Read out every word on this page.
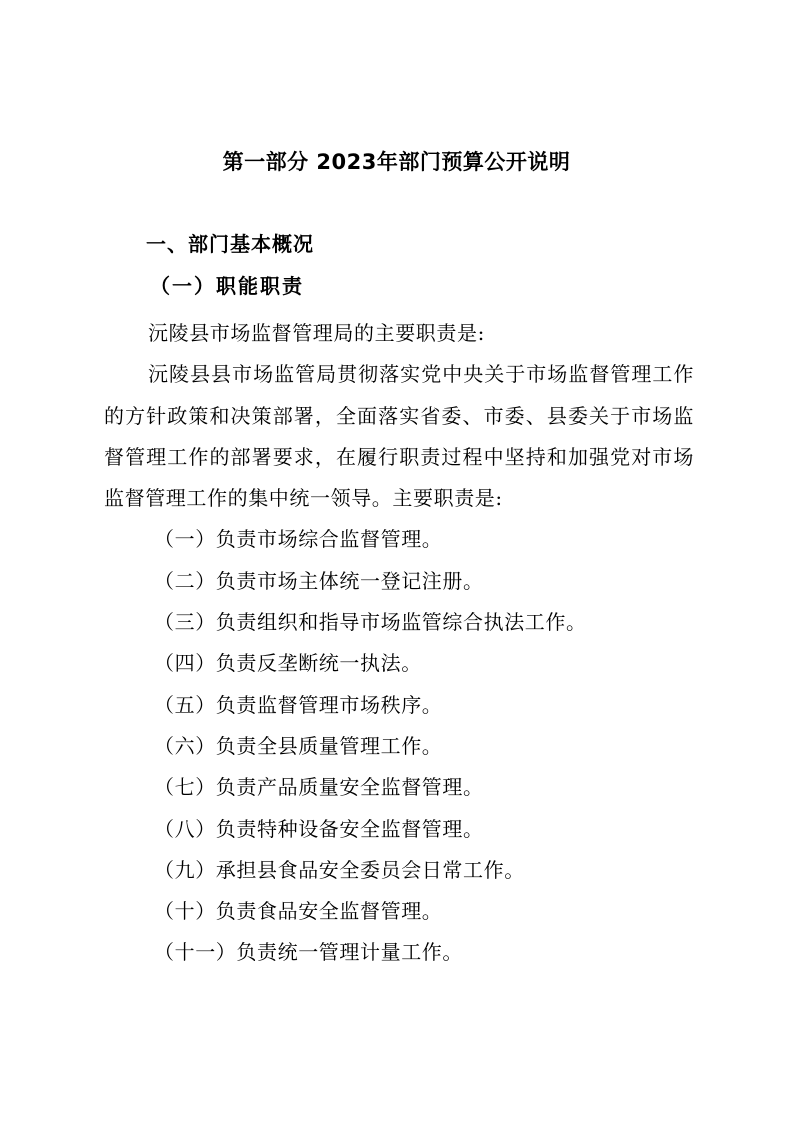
第一部分 2023年部门预算公开说明
一、部门基本概况
（一）职能职责

沅陵县市场监督管理局的主要职责是:

沅陵县县市场监管局贯彻落实党中央关于市场监督管理工作的方针政策和决策部署，全面落实省委、市委、县委关于市场监督管理工作的部署要求，在履行职责过程中坚持和加强党对市场监督管理工作的集中统一领导。主要职责是:

（一）负责市场综合监督管理。

（二）负责市场主体统一登记注册。

（三）负责组织和指导市场监管综合执法工作。

（四）负责反垄断统一执法。

（五）负责监督管理市场秩序。

（六）负责全县质量管理工作。

（七）负责产品质量安全监督管理。

（八）负责特种设备安全监督管理。

（九）承担县食品安全委员会日常工作。

（十）负责食品安全监督管理。

（十一）负责统一管理计量工作。
